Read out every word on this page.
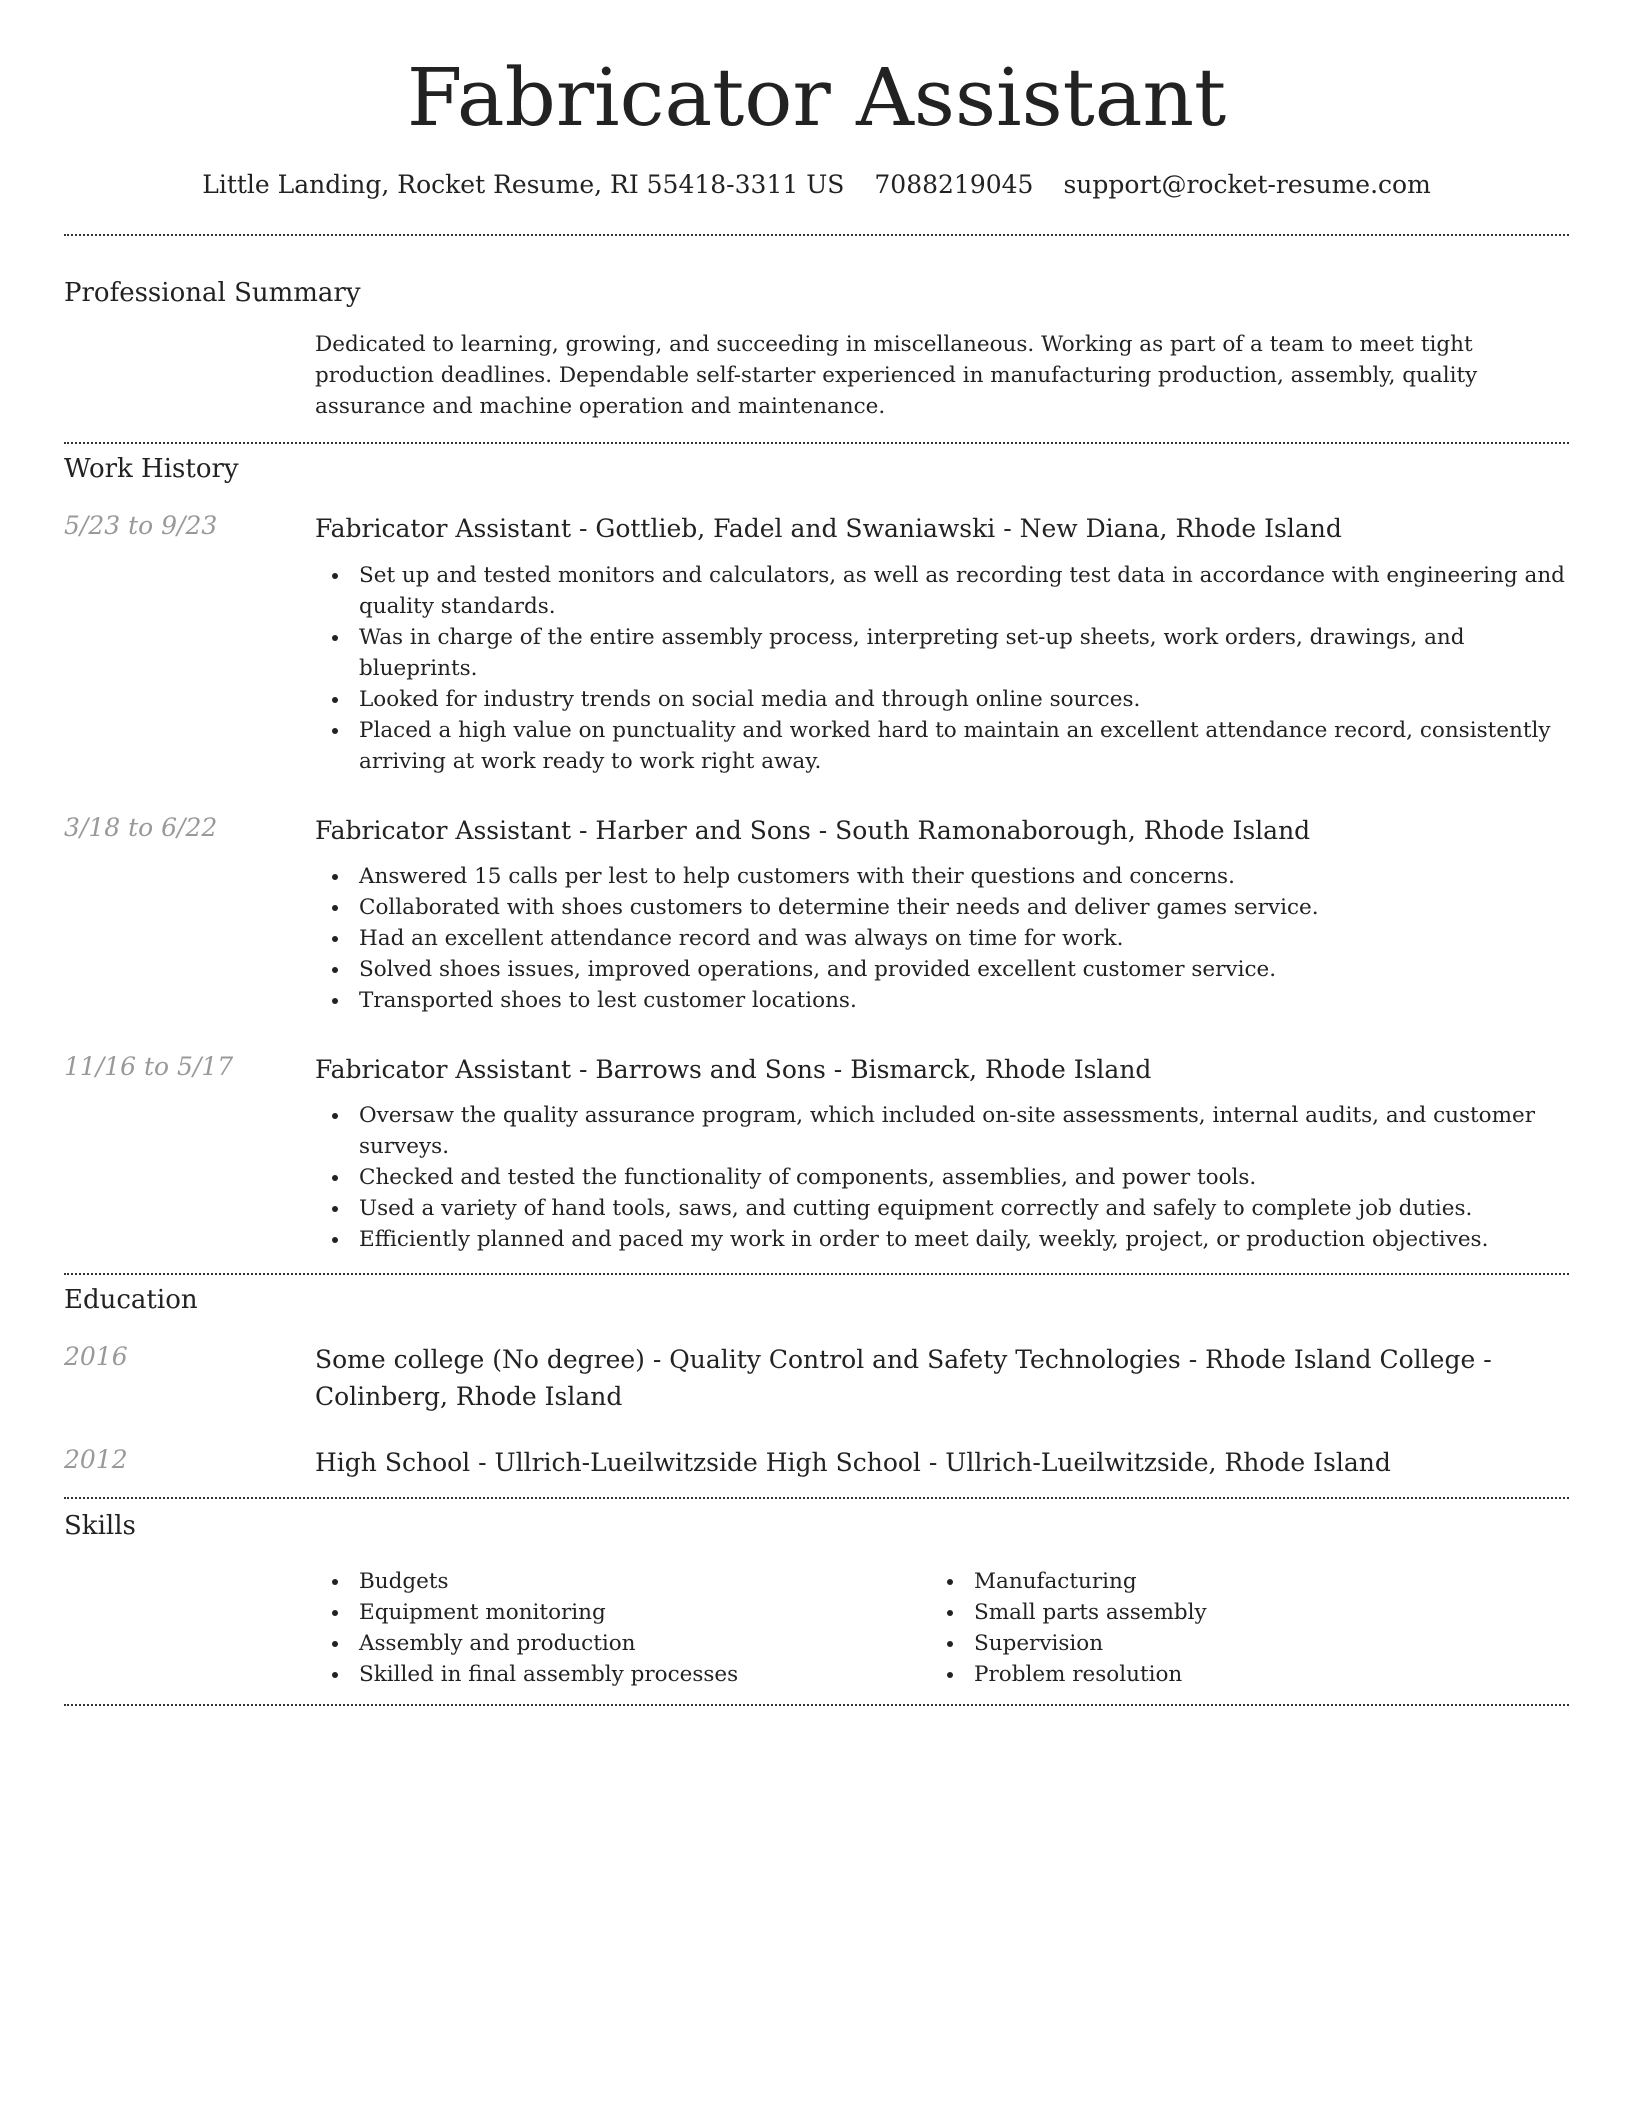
Fabricator Assistant
Little Landing, Rocket Resume, RI 55418-3311 US 7088219045 support@rocket-resume.com
Professional Summary

Dedicated to learning, growing, and succeeding in miscellaneous. Working as part of a team to meet tight production deadlines. Dependable self-starter experienced in manufacturing production, assembly, quality assurance and machine operation and maintenance.

Work History
5/23 to 9/23	Fabricator Assistant - Gottlieb, Fadel and Swaniawski - New Diana, Rhode Island
Set up and tested monitors and calculators, as well as recording test data in accordance with engineering and quality standards.
Was in charge of the entire assembly process, interpreting set-up sheets, work orders, drawings, and blueprints.
Looked for industry trends on social media and through online sources.
Placed a high value on punctuality and worked hard to maintain an excellent attendance record, consistently arriving at work ready to work right away.
3/18 to 6/22	Fabricator Assistant - Harber and Sons - South Ramonaborough, Rhode Island
Answered 15 calls per lest to help customers with their questions and concerns.
Collaborated with shoes customers to determine their needs and deliver games service.
Had an excellent attendance record and was always on time for work.
Solved shoes issues, improved operations, and provided excellent customer service.
Transported shoes to lest customer locations.
11/16 to 5/17	Fabricator Assistant - Barrows and Sons - Bismarck, Rhode Island
Oversaw the quality assurance program, which included on-site assessments, internal audits, and customer surveys.
Checked and tested the functionality of components, assemblies, and power tools.
Used a variety of hand tools, saws, and cutting equipment correctly and safely to complete job duties.
Efficiently planned and paced my work in order to meet daily, weekly, project, or production objectives.
Education
2016	Some college (No degree) - Quality Control and Safety Technologies - Rhode Island College - Colinberg, Rhode Island
2012	High School - Ullrich-Lueilwitzside High School - Ullrich-Lueilwitzside, Rhode Island
Skills
Budgets
Equipment monitoring
Assembly and production
Skilled in final assembly processes
Manufacturing
Small parts assembly
Supervision
Problem resolution
